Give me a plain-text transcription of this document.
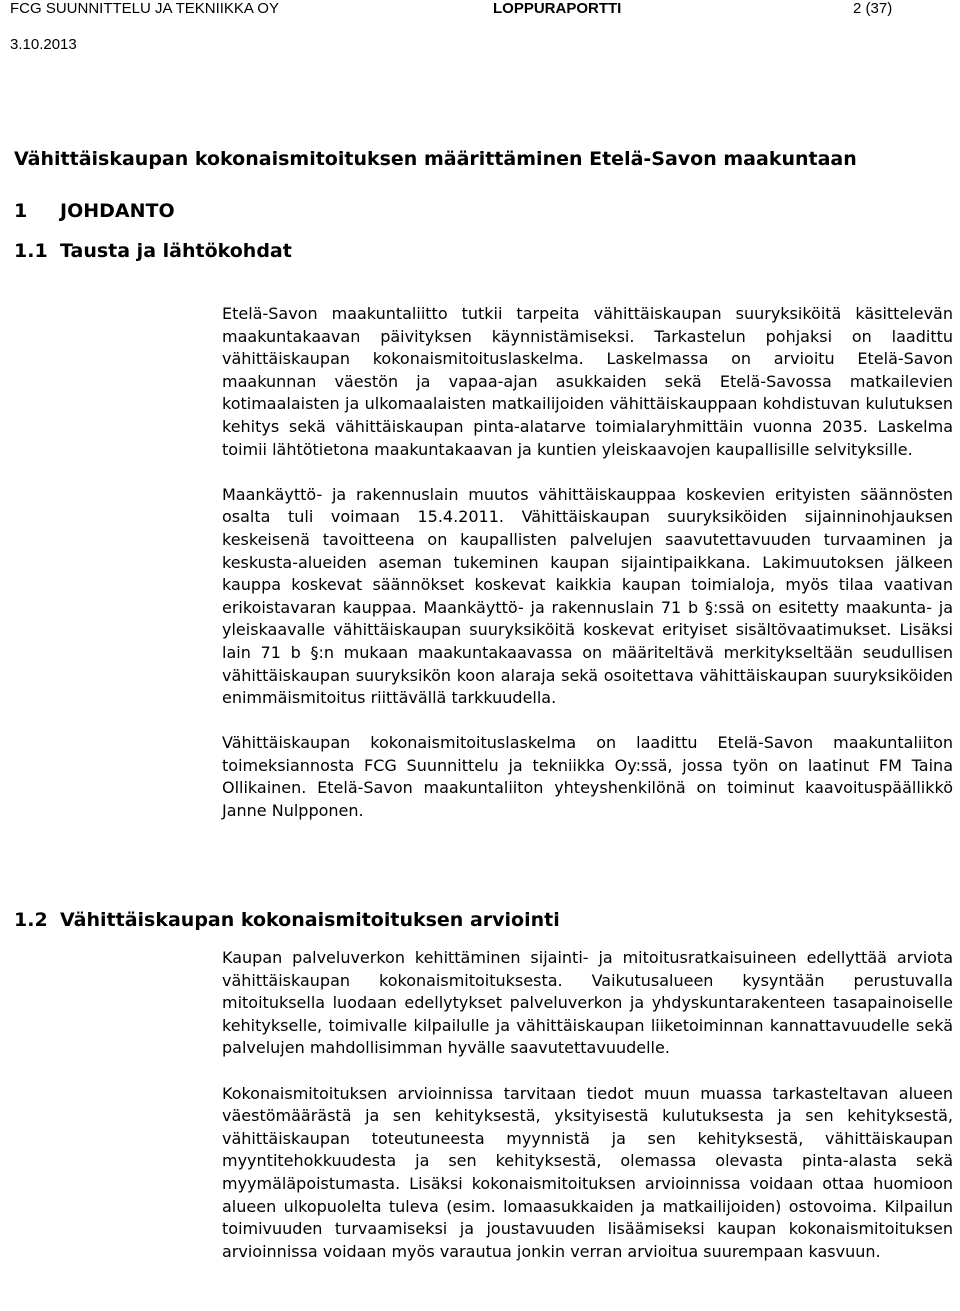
FCG SUUNNITTELU JA TEKNIIKKA OY	LOPPURAPORTTI	2 (37)
3.10.2013
Vähittäiskaupan kokonaismitoituksen määrittäminen Etelä-Savon maakuntaan
1 JOHDANTO
1.1 Tausta ja lähtökohdat

Etelä-Savon maakuntaliitto tutkii tarpeita vähittäiskaupan suuryksiköitä käsittelevän maakuntakaavan päivityksen käynnistämiseksi. Tarkastelun pohjaksi on laadittu vähittäiskaupan kokonaismitoituslaskelma. Laskelmassa on arvioitu Etelä-Savon maakunnan väestön ja vapaa-ajan asukkaiden sekä Etelä-Savossa matkailevien kotimaalaisten ja ulkomaalaisten matkailijoiden vähittäiskauppaan kohdistuvan kulutuksen kehitys sekä vähittäiskaupan pinta-alatarve toimialaryhmittäin vuonna 2035. Laskelma toimii lähtötietona maakuntakaavan ja kuntien yleiskaavojen kaupallisille selvityksille.

Maankäyttö- ja rakennuslain muutos vähittäiskauppaa koskevien erityisten säännösten osalta tuli voimaan 15.4.2011. Vähittäiskaupan suuryksiköiden sijainninohjauksen keskeisenä tavoitteena on kaupallisten palvelujen saavutettavuuden turvaaminen ja keskusta-alueiden aseman tukeminen kaupan sijaintipaikkana. Lakimuutoksen jälkeen kauppa koskevat säännökset koskevat kaikkia kaupan toimialoja, myös tilaa vaativan erikoistavaran kauppaa. Maankäyttö- ja rakennuslain 71 b §:ssä on esitetty maakunta- ja yleiskaavalle vähittäiskaupan suuryksiköitä koskevat erityiset sisältövaatimukset. Lisäksi lain 71 b §:n mukaan maakuntakaavassa on määriteltävä merkitykseltään seudullisen vähittäiskaupan suuryksikön koon alaraja sekä osoitettava vähittäiskaupan suuryksiköiden enimmäismitoitus riittävällä tarkkuudella.

Vähittäiskaupan kokonaismitoituslaskelma on laadittu Etelä-Savon maakuntaliiton toimeksiannosta FCG Suunnittelu ja tekniikka Oy:ssä, jossa työn on laatinut FM Taina Ollikainen. Etelä-Savon maakuntaliiton yhteyshenkilönä on toiminut kaavoituspäällikkö Janne Nulpponen.

1.2 Vähittäiskaupan kokonaismitoituksen arviointi

Kaupan palveluverkon kehittäminen sijainti- ja mitoitusratkaisuineen edellyttää arviota vähittäiskaupan kokonaismitoituksesta. Vaikutusalueen kysyntään perustuvalla mitoituksella luodaan edellytykset palveluverkon ja yhdyskuntarakenteen tasapainoiselle kehitykselle, toimivalle kilpailulle ja vähittäiskaupan liiketoiminnan kannattavuudelle sekä palvelujen mahdollisimman hyvälle saavutettavuudelle.

Kokonaismitoituksen arvioinnissa tarvitaan tiedot muun muassa tarkasteltavan alueen väestömäärästä ja sen kehityksestä, yksityisestä kulutuksesta ja sen kehityksestä, vähittäiskaupan toteutuneesta myynnistä ja sen kehityksestä, vähittäiskaupan myyntitehokkuudesta ja sen kehityksestä, olemassa olevasta pinta-alasta sekä myymäläpoistumasta. Lisäksi kokonaismitoituksen arvioinnissa voidaan ottaa huomioon alueen ulkopuolelta tuleva (esim. lomaasukkaiden ja matkailijoiden) ostovoima. Kilpailun toimivuuden turvaamiseksi ja joustavuuden lisäämiseksi kaupan kokonaismitoituksen arvioinnissa voidaan myös varautua jonkin verran arvioitua suurempaan kasvuun.
